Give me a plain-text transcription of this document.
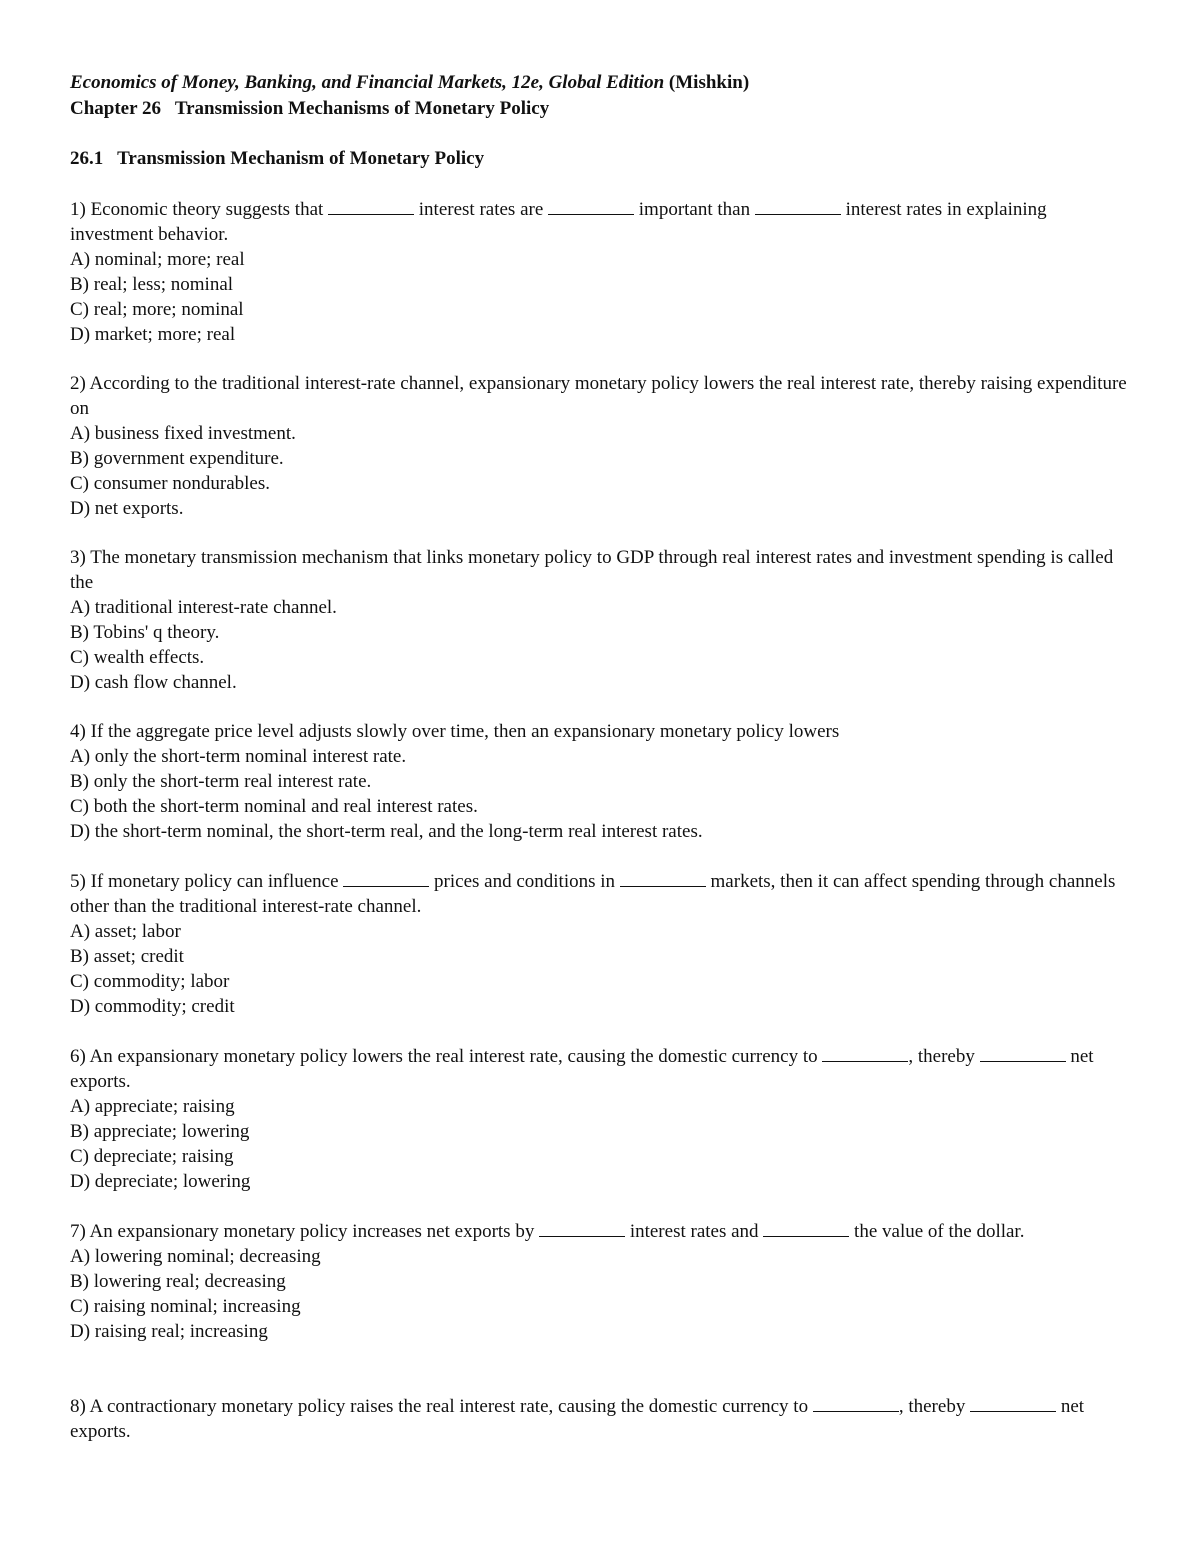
Economics of Money, Banking, and Financial Markets, 12e, Global Edition (Mishkin)
Chapter 26   Transmission Mechanisms of Monetary Policy
26.1   Transmission Mechanism of Monetary Policy
1) Economic theory suggests that	interest rates are	important than	interest rates in explaining investment behavior.
A) nominal; more; real
B) real; less; nominal
C) real; more; nominal
D) market; more; real
2) According to the traditional interest-rate channel, expansionary monetary policy lowers the real interest rate, thereby raising expenditure on
A) business fixed investment.
B) government expenditure.
C) consumer nondurables.
D) net exports.
3) The monetary transmission mechanism that links monetary policy to GDP through real interest rates and investment spending is called the
A) traditional interest-rate channel.
B) Tobins' q theory.
C) wealth effects.
D) cash flow channel.
4) If the aggregate price level adjusts slowly over time, then an expansionary monetary policy lowers
A) only the short-term nominal interest rate.
B) only the short-term real interest rate.
C) both the short-term nominal and real interest rates.
D) the short-term nominal, the short-term real, and the long-term real interest rates.
5) If monetary policy can influence	prices and conditions in	markets, then it can affect spending through channels other than the traditional interest-rate channel.
A) asset; labor
B) asset; credit
C) commodity; labor
D) commodity; credit
6) An expansionary monetary policy lowers the real interest rate, causing the domestic currency to	, thereby	net exports.
A) appreciate; raising
B) appreciate; lowering
C) depreciate; raising
D) depreciate; lowering
7) An expansionary monetary policy increases net exports by	interest rates and	the value of the dollar.
A) lowering nominal; decreasing
B) lowering real; decreasing
C) raising nominal; increasing
D) raising real; increasing
8) A contractionary monetary policy raises the real interest rate, causing the domestic currency to	, thereby	net exports.
